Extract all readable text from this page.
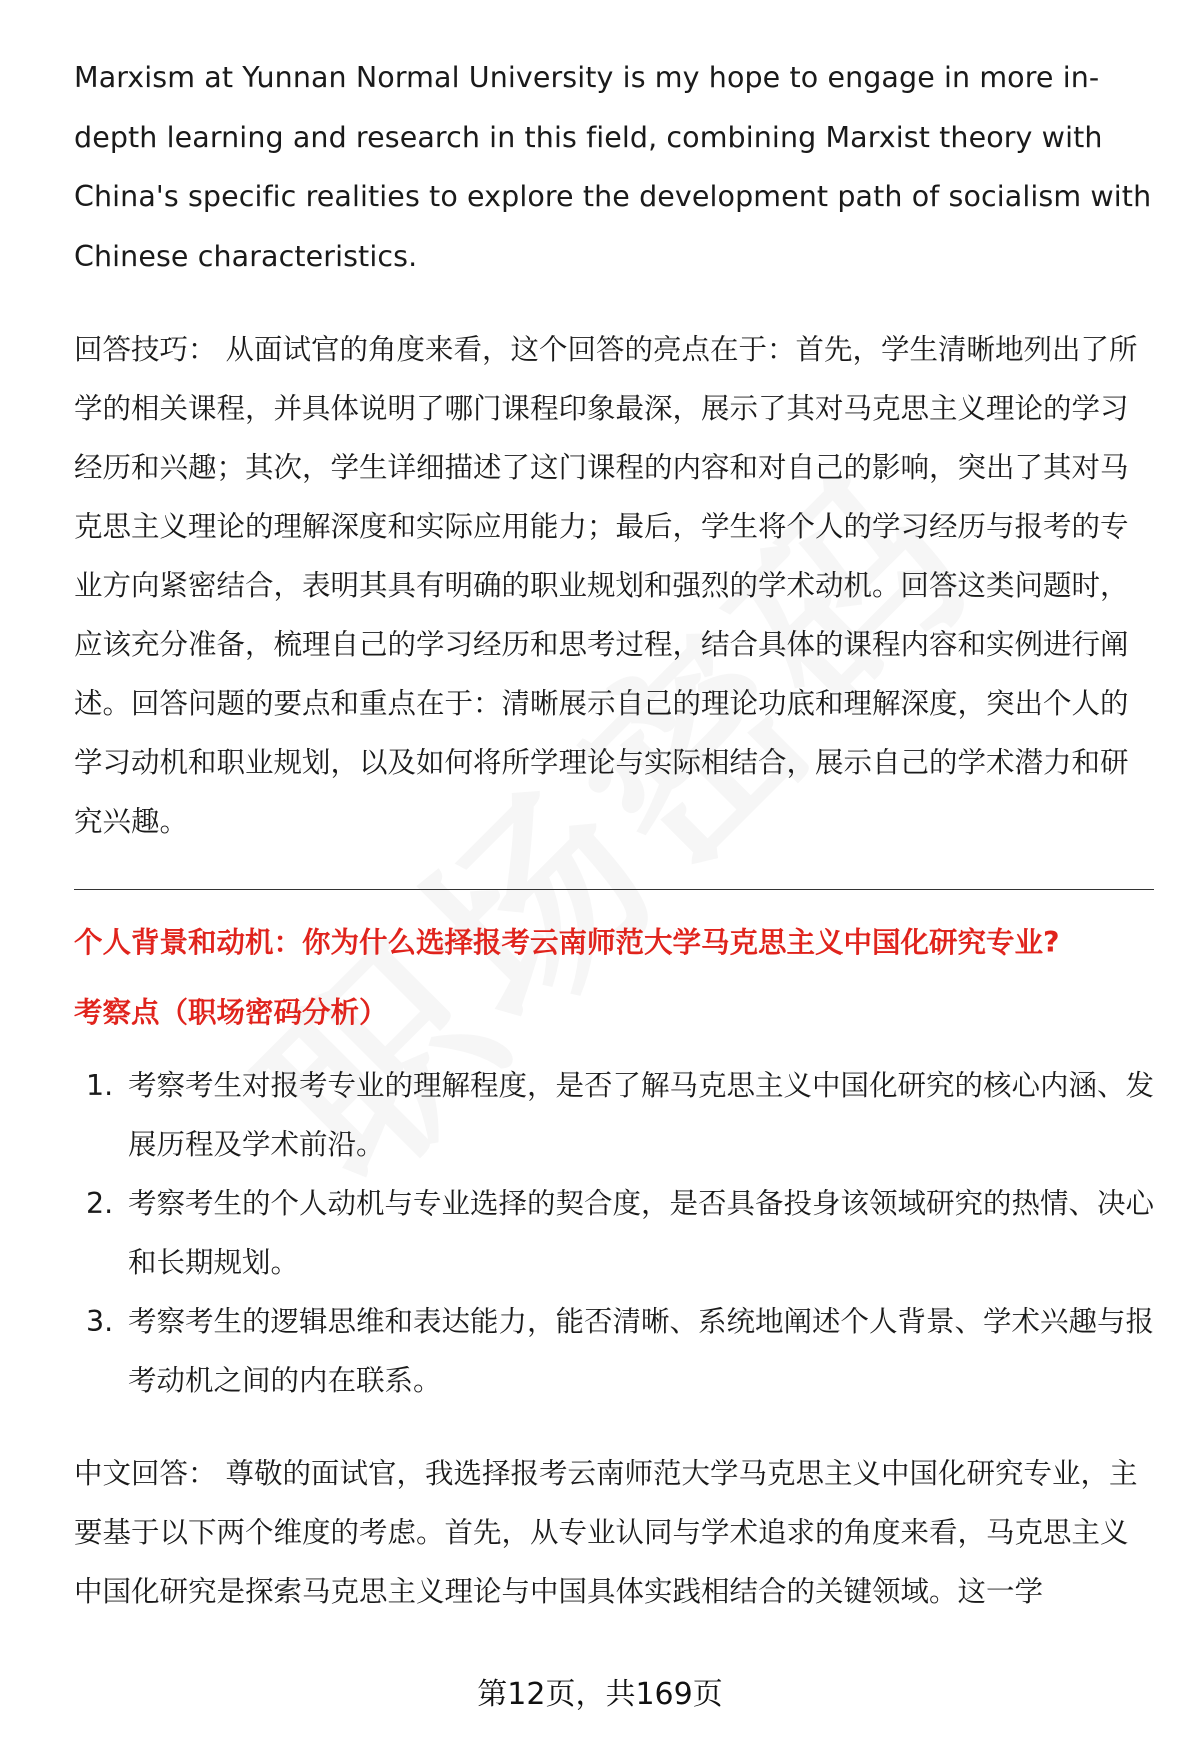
Marxism at Yunnan Normal University is my hope to engage in more in-depth learning and research in this field, combining Marxist theory with China's specific realities to explore the development path of socialism with Chinese characteristics.

回答技巧： 从面试官的角度来看，这个回答的亮点在于：首先，学生清晰地列出了所学的相关课程，并具体说明了哪门课程印象最深，展示了其对马克思主义理论的学习经历和兴趣；其次，学生详细描述了这门课程的内容和对自己的影响，突出了其对马克思主义理论的理解深度和实际应用能力；最后，学生将个人的学习经历与报考的专业方向紧密结合，表明其具有明确的职业规划和强烈的学术动机。回答这类问题时，应该充分准备，梳理自己的学习经历和思考过程，结合具体的课程内容和实例进行阐述。回答问题的要点和重点在于：清晰展示自己的理论功底和理解深度，突出个人的学习动机和职业规划，以及如何将所学理论与实际相结合，展示自己的学术潜力和研究兴趣。

个人背景和动机：你为什么选择报考云南师范大学马克思主义中国化研究专业?

考察点（职场密码分析）

1. 考察考生对报考专业的理解程度，是否了解马克思主义中国化研究的核心内涵、发展历程及学术前沿。
2. 考察考生的个人动机与专业选择的契合度，是否具备投身该领域研究的热情、决心和长期规划。
3. 考察考生的逻辑思维和表达能力，能否清晰、系统地阐述个人背景、学术兴趣与报考动机之间的内在联系。

中文回答： 尊敬的面试官，我选择报考云南师范大学马克思主义中国化研究专业，主要基于以下两个维度的考虑。首先，从专业认同与学术追求的角度来看，马克思主义中国化研究是探索马克思主义理论与中国具体实践相结合的关键领域。这一学

第12页，共169页
